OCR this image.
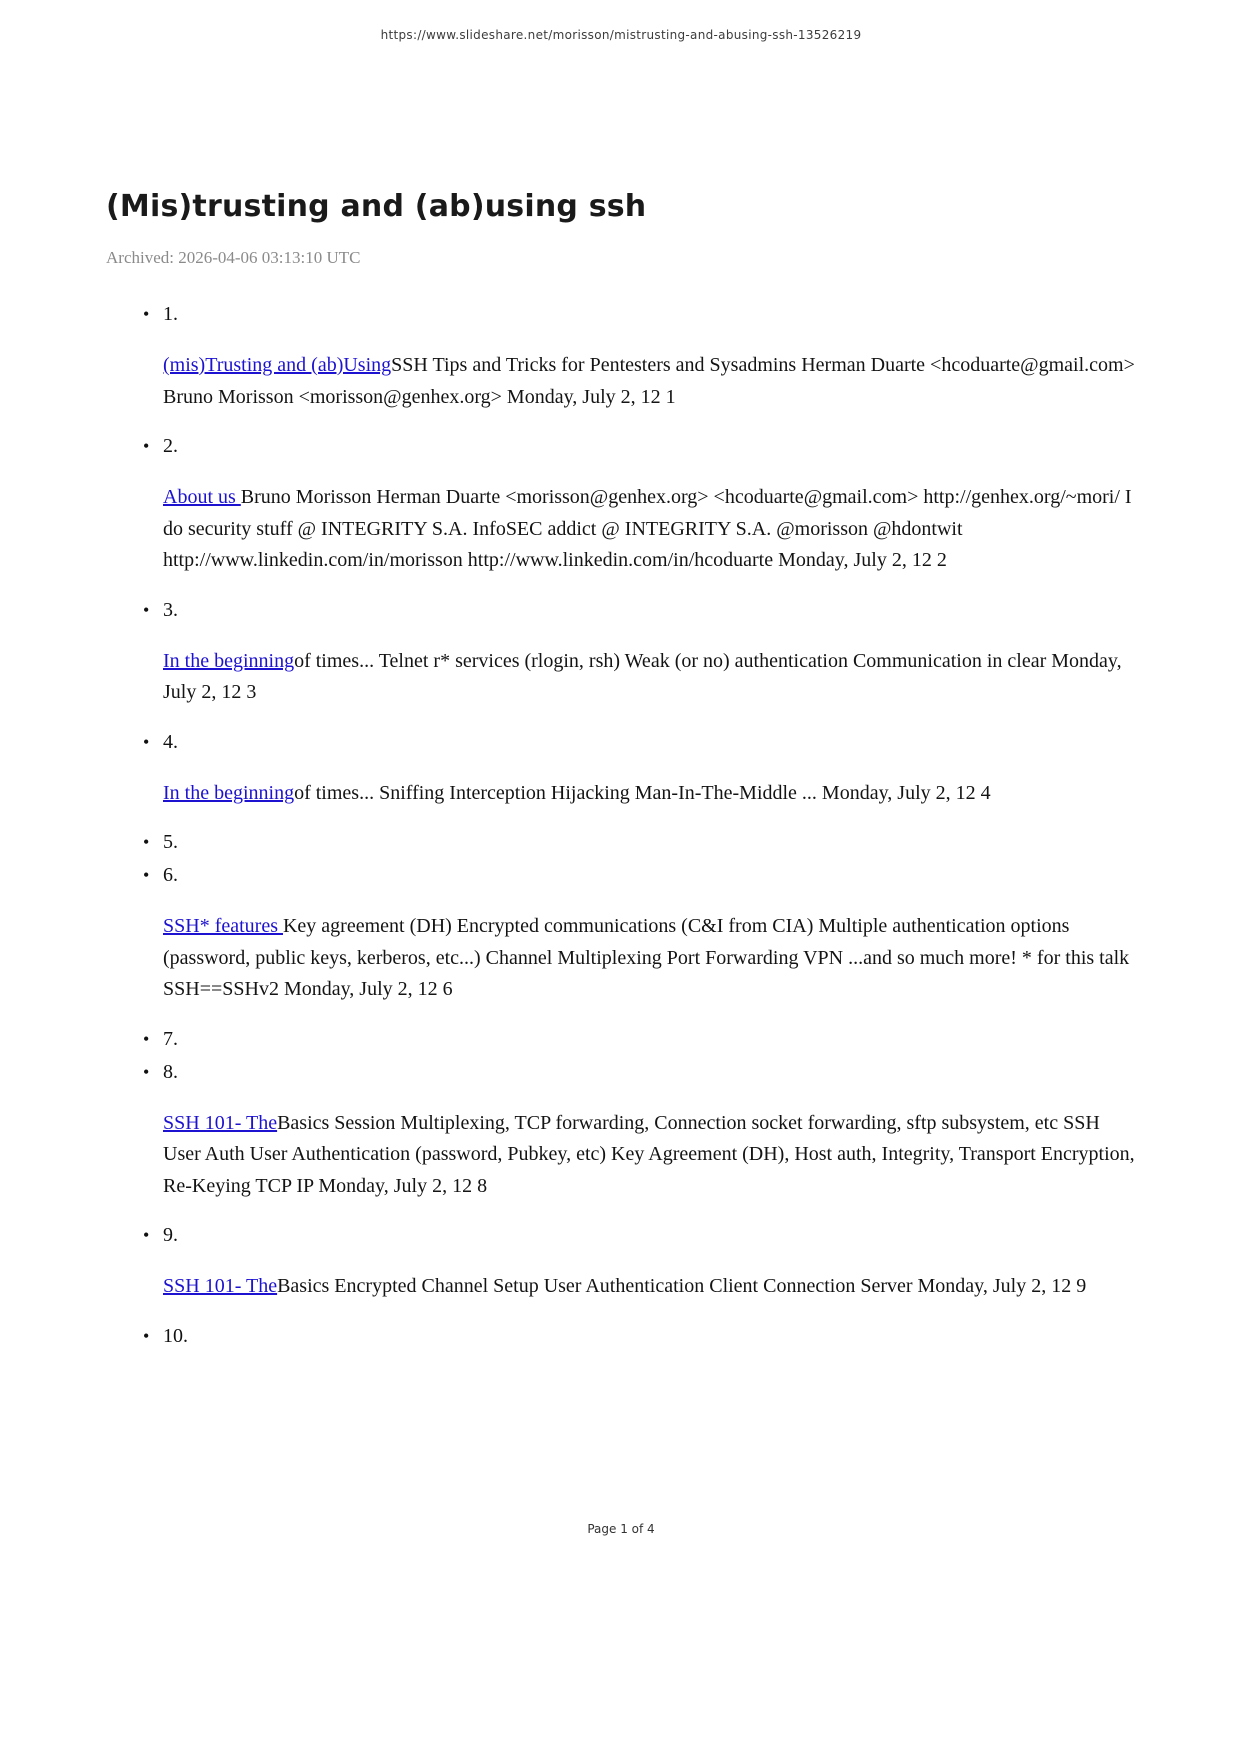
https://www.slideshare.net/morisson/mistrusting-and-abusing-ssh-13526219
(Mis)trusting and (ab)using ssh
Archived: 2026-04-06 03:13:10 UTC
• 1.

(mis)Trusting and (ab)UsingSSH Tips and Tricks for Pentesters and Sysadmins Herman Duarte <hcoduarte@gmail.com> Bruno Morisson <morisson@genhex.org> Monday, July 2, 12 1

• 2.

About us Bruno Morisson Herman Duarte <morisson@genhex.org> <hcoduarte@gmail.com> http://genhex.org/~mori/ I do security stuff @ INTEGRITY S.A. InfoSEC addict @ INTEGRITY S.A. @morisson @hdontwit http://www.linkedin.com/in/morisson http://www.linkedin.com/in/hcoduarte Monday, July 2, 12 2

• 3.

In the beginningof times... Telnet r* services (rlogin, rsh) Weak (or no) authentication Communication in clear Monday, July 2, 12 3

• 4.

In the beginningof times... Sniffing Interception Hijacking Man-In-The-Middle ... Monday, July 2, 12 4

• 5.
• 6.

SSH* features Key agreement (DH) Encrypted communications (C&I from CIA) Multiple authentication options (password, public keys, kerberos, etc...) Channel Multiplexing Port Forwarding VPN ...and so much more! * for this talk SSH==SSHv2 Monday, July 2, 12 6

• 7.
• 8.

SSH 101- TheBasics Session Multiplexing, TCP forwarding, Connection socket forwarding, sftp subsystem, etc SSH User Auth User Authentication (password, Pubkey, etc) Key Agreement (DH), Host auth, Integrity, Transport Encryption, Re-Keying TCP IP Monday, July 2, 12 8

• 9.

SSH 101- TheBasics Encrypted Channel Setup User Authentication Client Connection Server Monday, July 2, 12 9

• 10.
Page 1 of 4
